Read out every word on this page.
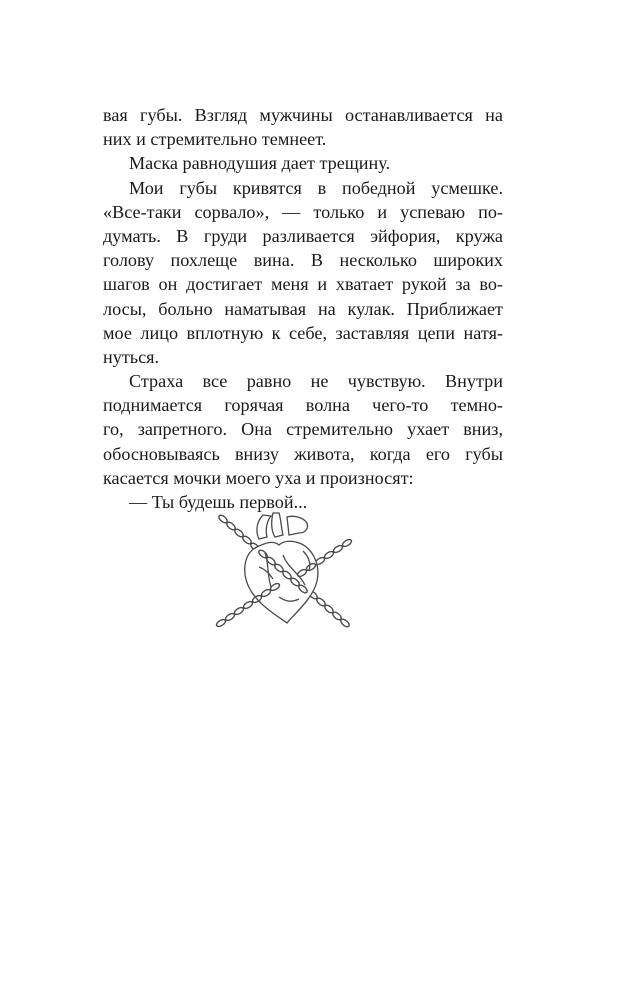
вая губы. Взгляд мужчины останавливается на
них и стремительно темнеет.
Маска равнодушия дает трещину.
Мои губы кривятся в победной усмешке.
«Все-таки сорвало», — только и успеваю по-
думать. В груди разливается эйфория, кружа
голову похлеще вина. В несколько широких
шагов он достигает меня и хватает рукой за во-
лосы, больно наматывая на кулак. Приближает
мое лицо вплотную к себе, заставляя цепи натя-
нуться.
Страха все равно не чувствую. Внутри
поднимается горячая волна чего-то темно-
го, запретного. Она стремительно ухает вниз,
обосновываясь внизу живота, когда его губы
касается мочки моего уха и произносят:
— Ты будешь первой...
